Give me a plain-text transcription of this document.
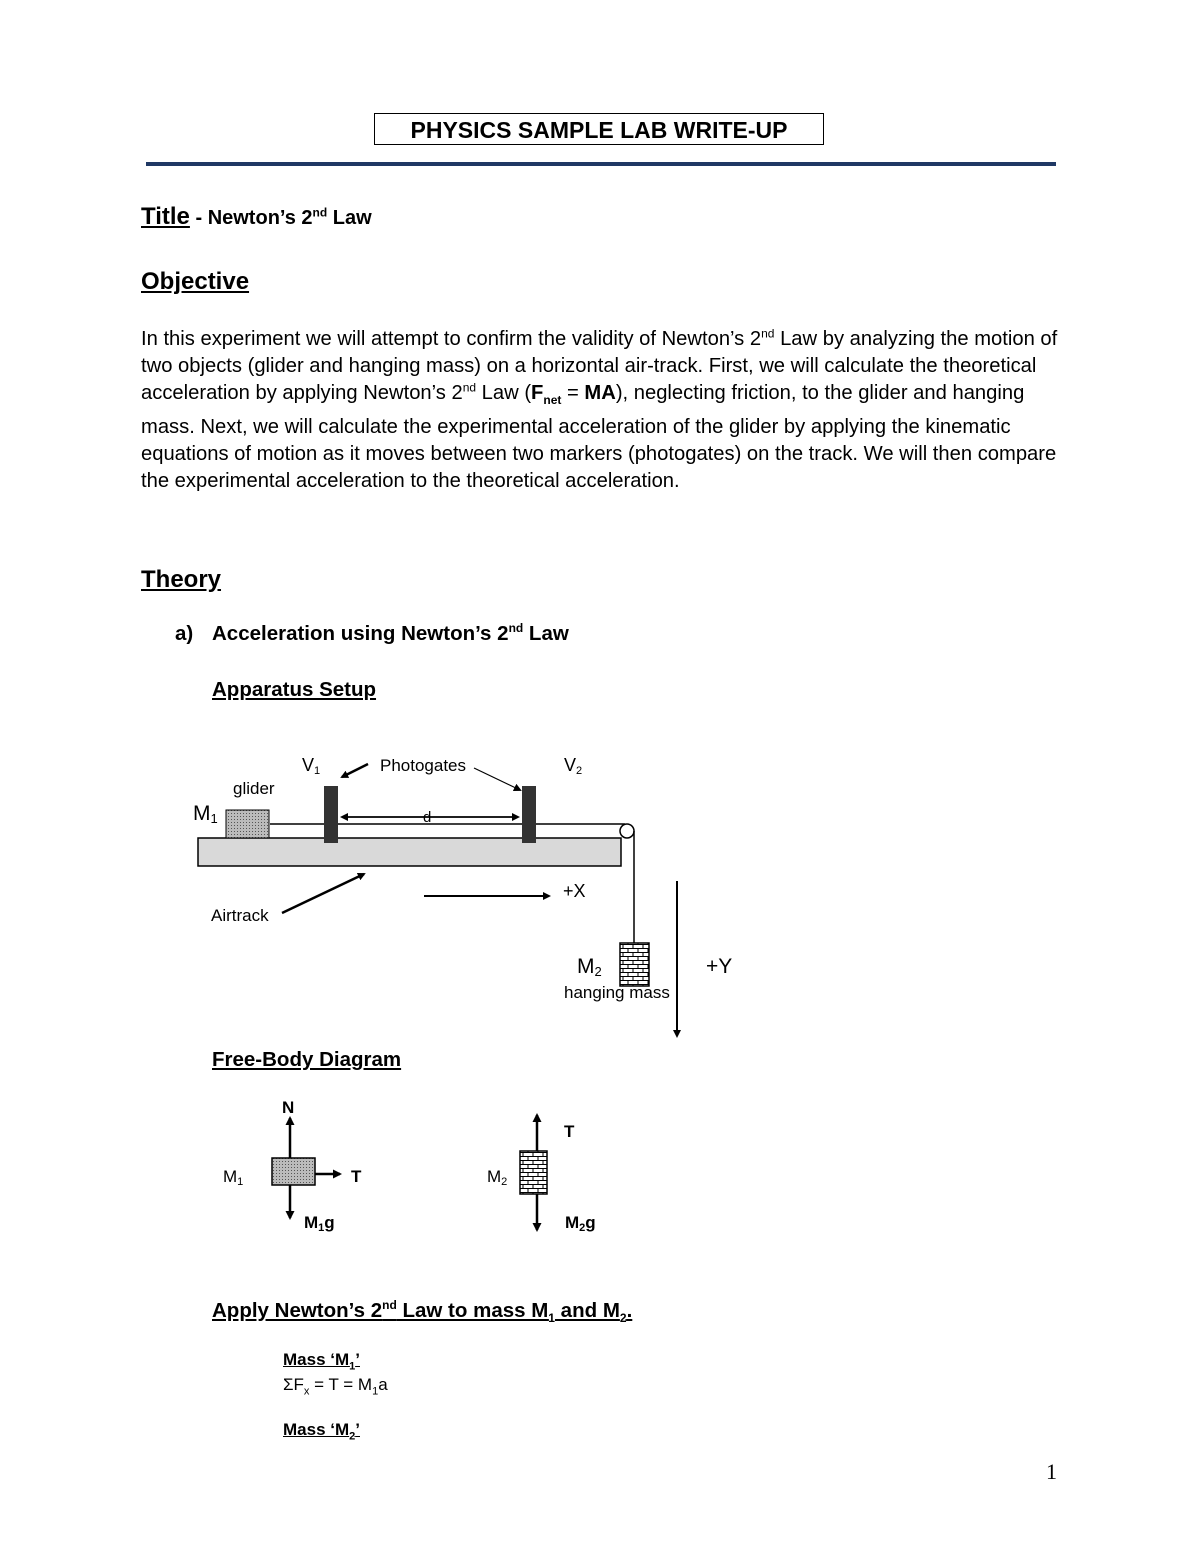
PHYSICS SAMPLE LAB WRITE-UP
Title - Newton’s 2nd Law
Objective
In this experiment we will attempt to confirm the validity of Newton’s 2nd Law by analyzing the motion of two objects (glider and hanging mass) on a horizontal air-track. First, we will calculate the theoretical acceleration by applying Newton’s 2nd Law $(F_{net} = MA)$, neglecting friction, to the glider and hanging mass. Next, we will calculate the experimental acceleration of the glider by applying the kinematic equations of motion as it moves between two markers (photogates) on the track. We will then compare the experimental acceleration to the theoretical acceleration.
Theory
a) Acceleration using Newton’s 2nd Law
Apparatus Setup
V1	Photogates	V2
glider
M1	d
Airtrack
+X
M2	+Y
hanging mass
Free-Body Diagram
N
M1	T
M1g
T
M2
M2g
Apply Newton’s 2nd Law to mass $M_1$ and $M_2$.
Mass ‘$M_1$’
$\Sigma F_x = T = M_1a$
Mass ‘$M_2$’
1
